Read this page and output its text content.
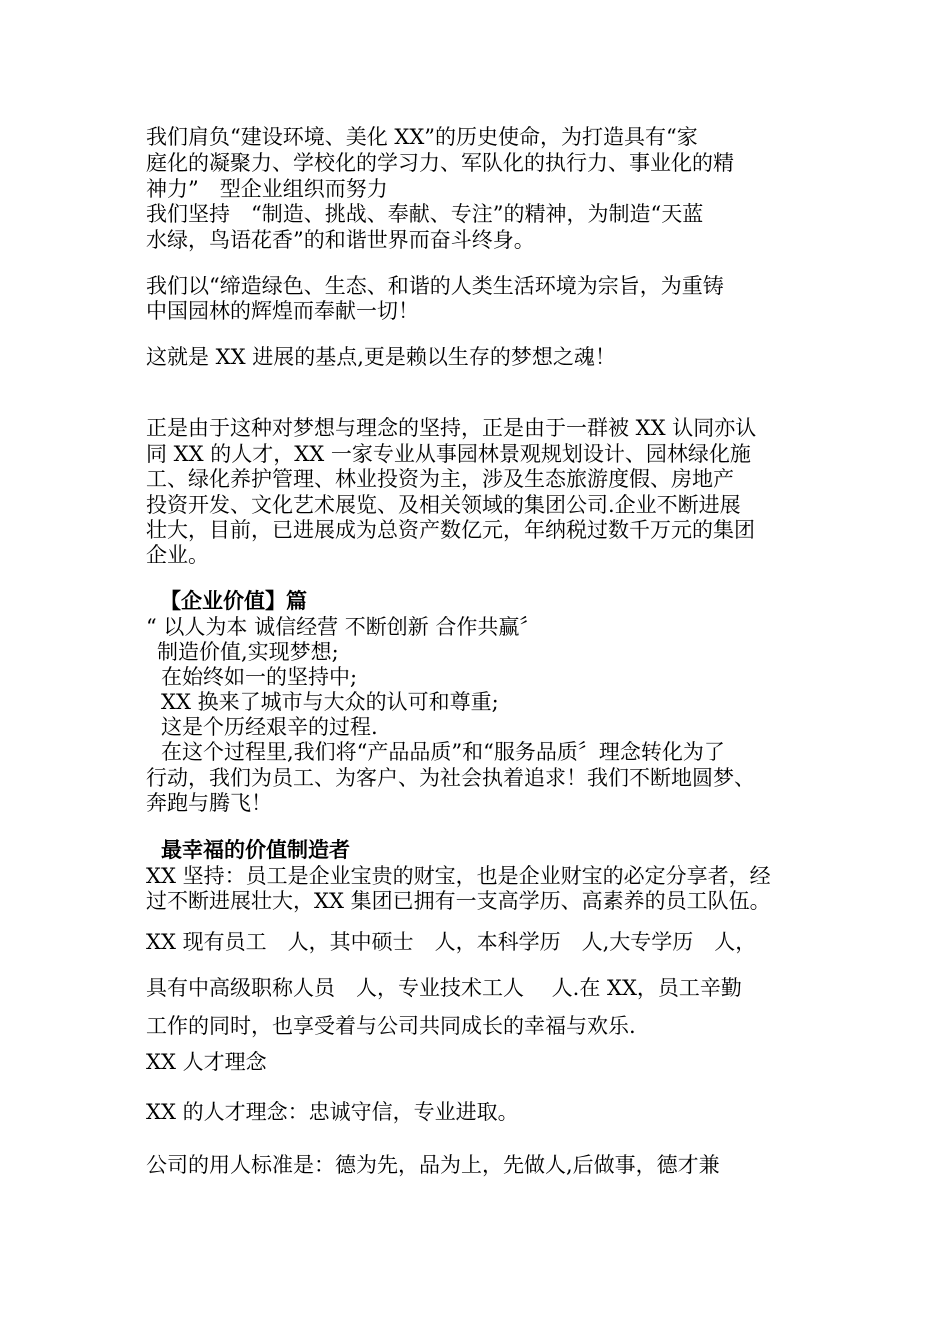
我们肩负“建设环境、美化 XX”的历史使命，为打造具有“家
庭化的凝聚力、学校化的学习力、军队化的执行力、事业化的精
神力”　型企业组织而努力
我们坚持　“制造、挑战、奉献、专注”的精神，为制造“天蓝
水绿，鸟语花香”的和谐世界而奋斗终身。
我们以“缔造绿色、生态、和谐的人类生活环境为宗旨，为重铸
中国园林的辉煌而奉献一切！
这就是 XX 进展的基点,更是赖以生存的梦想之魂！
正是由于这种对梦想与理念的坚持，正是由于一群被 XX 认同亦认
同 XX 的人才，XX 一家专业从事园林景观规划设计、园林绿化施
工、绿化养护管理、林业投资为主，涉及生态旅游度假、房地产
投资开发、文化艺术展览、及相关领域的集团公司.企业不断进展
壮大，目前，已进展成为总资产数亿元，年纳税过数千万元的集团
企业。
【企业价值】篇
“ 以人为本 诚信经营 不断创新 合作共赢〞
制造价值,实现梦想;
在始终如一的坚持中;
XX 换来了城市与大众的认可和尊重;
这是个历经艰辛的过程.
在这个过程里,我们将“产品品质”和“服务品质〞理念转化为了
行动，我们为员工、为客户、为社会执着追求！我们不断地圆梦、
奔跑与腾飞！
最幸福的价值制造者
XX 坚持：员工是企业宝贵的财宝，也是企业财宝的必定分享者，经
过不断进展壮大，XX 集团已拥有一支高学历、高素养的员工队伍。
XX 现有员工　人，其中硕士　人，本科学历　人,大专学历　人，
具有中高级职称人员　人，专业技术工人　 人.在 XX，员工辛勤
工作的同时，也享受着与公司共同成长的幸福与欢乐.
XX 人才理念
XX 的人才理念：忠诚守信，专业进取。
公司的用人标准是：德为先，品为上，先做人,后做事，德才兼
